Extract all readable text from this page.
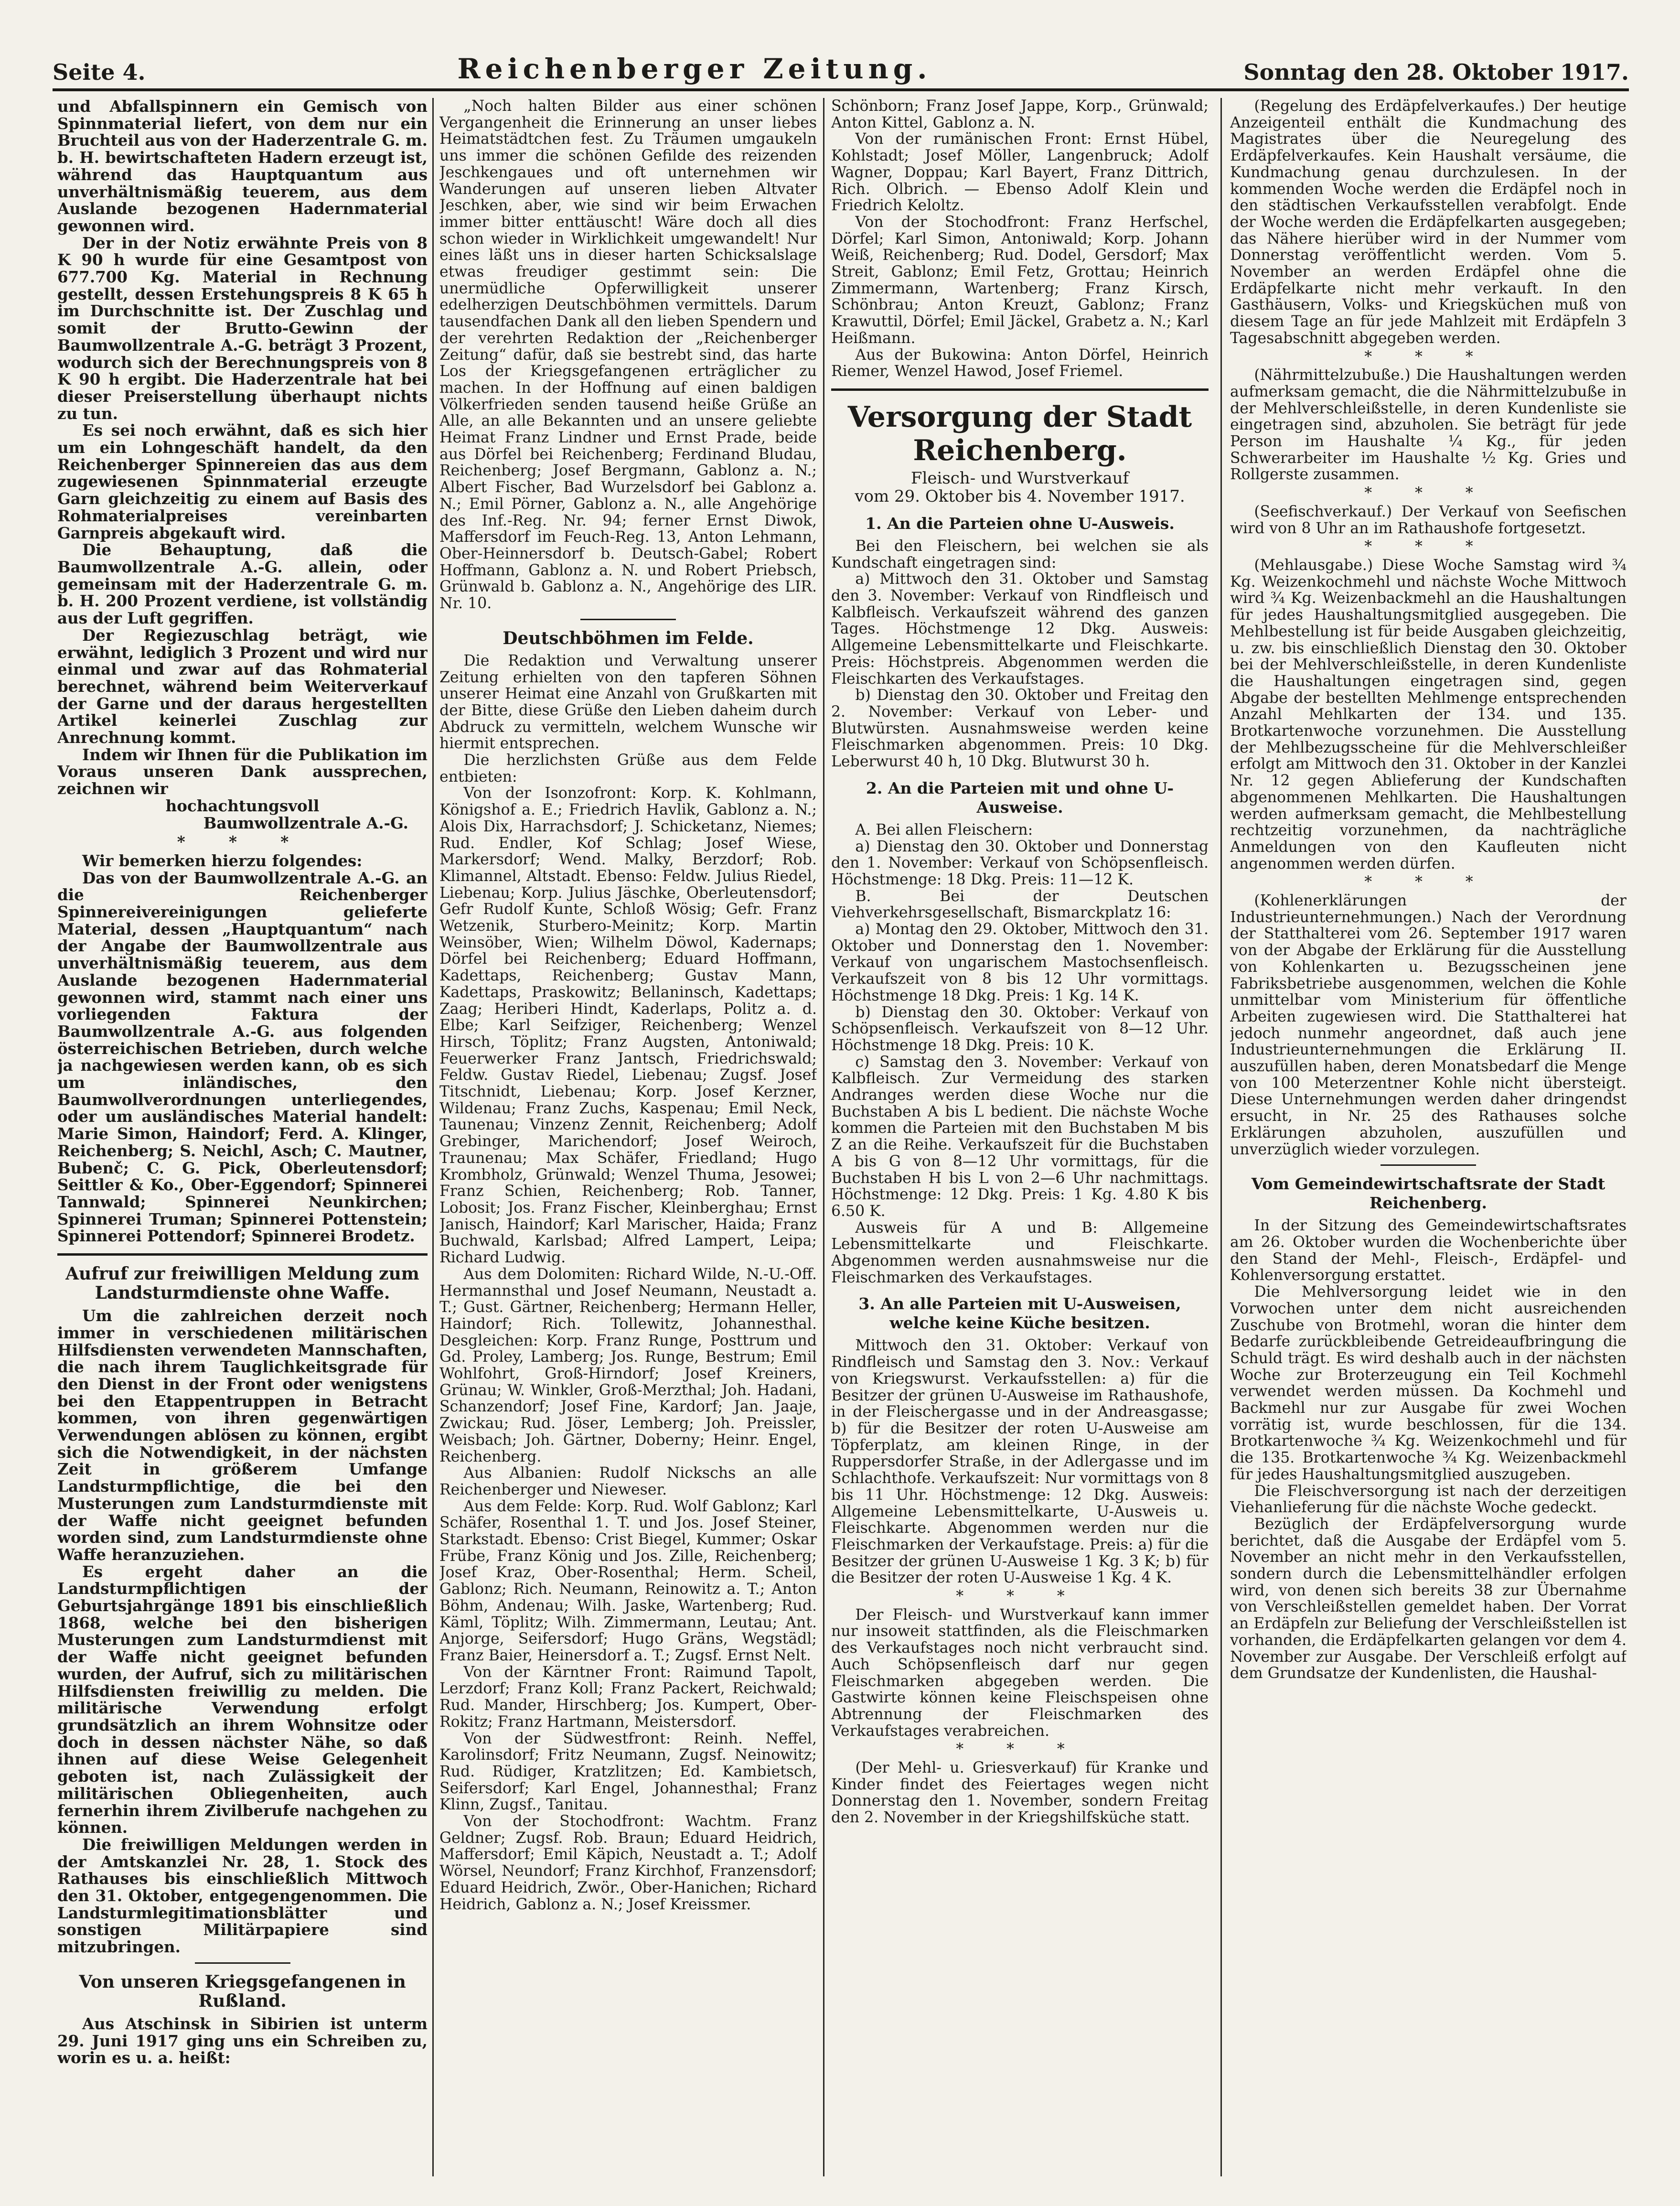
Seite 4.	Reichenberger Zeitung.	Sonntag den 28. Oktober 1917.

und Abfallspinnern ein Gemisch von Spinnmaterial liefert, von dem nur ein Bruchteil aus von der Haderzentrale G. m. b. H. bewirtschafteten Hadern erzeugt ist, während das Hauptquantum aus unverhältnismäßig teuerem, aus dem Auslande bezogenen Hadernmaterial gewonnen wird.

Der in der Notiz erwähnte Preis von 8 K 90 h wurde für eine Gesamtpost von 677.700 Kg. Material in Rechnung gestellt, dessen Erstehungspreis 8 K 65 h im Durchschnitte ist. Der Zuschlag und somit der Brutto-Gewinn der Baumwollzentrale A.-G. beträgt 3 Prozent, wodurch sich der Berechnungspreis von 8 K 90 h ergibt. Die Haderzentrale hat bei dieser Preiserstellung überhaupt nichts zu tun.

Es sei noch erwähnt, daß es sich hier um ein Lohngeschäft handelt, da den Reichenberger Spinnereien das aus dem zugewiesenen Spinnmaterial erzeugte Garn gleichzeitig zu einem auf Basis des Rohmaterialpreises vereinbarten Garnpreis abgekauft wird.

Die Behauptung, daß die Baumwollzentrale A.-G. allein, oder gemeinsam mit der Haderzentrale G. m. b. H. 200 Prozent verdiene, ist vollständig aus der Luft gegriffen.

Der Regiezuschlag beträgt, wie erwähnt, lediglich 3 Prozent und wird nur einmal und zwar auf das Rohmaterial berechnet, während beim Weiterverkauf der Garne und der daraus hergestellten Artikel keinerlei Zuschlag zur Anrechnung kommt.

Indem wir Ihnen für die Publikation im Voraus unseren Dank aussprechen, zeichnen wir

hochachtungsvoll

Baumwollzentrale A.-G.

* * *

Wir bemerken hierzu folgendes:

Das von der Baumwollzentrale A.-G. an die Reichenberger Spinnereivereinigungen gelieferte Material, dessen „Hauptquantum“ nach der Angabe der Baumwollzentrale aus unverhältnismäßig teuerem, aus dem Auslande bezogenen Hadernmaterial gewonnen wird, stammt nach einer uns vorliegenden Faktura der Baumwollzentrale A.-G. aus folgenden österreichischen Betrieben, durch welche ja nachgewiesen werden kann, ob es sich um inländisches, den Baumwollverordnungen unterliegendes, oder um ausländisches Material handelt: Marie Simon, Haindorf; Ferd. A. Klinger, Reichenberg; S. Neichl, Asch; C. Mautner, Bubenč; C. G. Pick, Oberleutensdorf; Seittler & Ko., Ober-Eggendorf; Spinnerei Tannwald; Spinnerei Neunkirchen; Spinnerei Truman; Spinnerei Pottenstein; Spinnerei Pottendorf; Spinnerei Brodetz.

Aufruf zur freiwilligen Meldung zum Landsturmdienste ohne Waffe.

Um die zahlreichen derzeit noch immer in verschiedenen militärischen Hilfsdiensten verwendeten Mannschaften, die nach ihrem Tauglichkeitsgrade für den Dienst in der Front oder wenigstens bei den Etappentruppen in Betracht kommen, von ihren gegenwärtigen Verwendungen ablösen zu können, ergibt sich die Notwendigkeit, in der nächsten Zeit in größerem Umfange Landsturmpflichtige, die bei den Musterungen zum Landsturmdienste mit der Waffe nicht geeignet befunden worden sind, zum Landsturmdienste ohne Waffe heranzuziehen.

Es ergeht daher an die Landsturmpflichtigen der Geburtsjahrgänge 1891 bis einschließlich 1868, welche bei den bisherigen Musterungen zum Landsturmdienst mit der Waffe nicht geeignet befunden wurden, der Aufruf, sich zu militärischen Hilfsdiensten freiwillig zu melden. Die militärische Verwendung erfolgt grundsätzlich an ihrem Wohnsitze oder doch in dessen nächster Nähe, so daß ihnen auf diese Weise Gelegenheit geboten ist, nach Zulässigkeit der militärischen Obliegenheiten, auch fernerhin ihrem Zivilberufe nachgehen zu können.

Die freiwilligen Meldungen werden in der Amtskanzlei Nr. 28, 1. Stock des Rathauses bis einschließlich Mittwoch den 31. Oktober, entgegengenommen. Die Landsturmlegitimationsblätter und sonstigen Militärpapiere sind mitzubringen.

Von unseren Kriegsgefangenen in Rußland.

Aus Atschinsk in Sibirien ist unterm 29. Juni 1917 ging uns ein Schreiben zu, worin es u. a. heißt:

„Noch halten Bilder aus einer schönen Vergangenheit die Erinnerung an unser liebes Heimatstädtchen fest. Zu Träumen umgaukeln uns immer die schönen Gefilde des reizenden Jeschkengaues und oft unternehmen wir Wanderungen auf unseren lieben Altvater Jeschken, aber, wie sind wir beim Erwachen immer bitter enttäuscht! Wäre doch all dies schon wieder in Wirklichkeit umgewandelt! Nur eines läßt uns in dieser harten Schicksalslage etwas freudiger gestimmt sein: Die unermüdliche Opferwilligkeit unserer edelherzigen Deutschböhmen vermittels. Darum tausendfachen Dank all den lieben Spendern und der verehrten Redaktion der „Reichenberger Zeitung“ dafür, daß sie bestrebt sind, das harte Los der Kriegsgefangenen erträglicher zu machen. In der Hoffnung auf einen baldigen Völkerfrieden senden tausend heiße Grüße an Alle, an alle Bekannten und an unsere geliebte Heimat Franz Lindner und Ernst Prade, beide aus Dörfel bei Reichenberg; Ferdinand Bludau, Reichenberg; Josef Bergmann, Gablonz a. N.; Albert Fischer, Bad Wurzelsdorf bei Gablonz a. N.; Emil Pörner, Gablonz a. N., alle Angehörige des Inf.-Reg. Nr. 94; ferner Ernst Diwok, Maffersdorf im Feuch-Reg. 13, Anton Lehmann, Ober-Heinnersdorf b. Deutsch-Gabel; Robert Hoffmann, Gablonz a. N. und Robert Priebsch, Grünwald b. Gablonz a. N., Angehörige des LIR. Nr. 10.

Deutschböhmen im Felde.

Die Redaktion und Verwaltung unserer Zeitung erhielten von den tapferen Söhnen unserer Heimat eine Anzahl von Grußkarten mit der Bitte, diese Grüße den Lieben daheim durch Abdruck zu vermitteln, welchem Wunsche wir hiermit entsprechen.

Die herzlichsten Grüße aus dem Felde entbieten:

Von der Isonzofront: Korp. K. Kohlmann, Königshof a. E.; Friedrich Havlik, Gablonz a. N.; Alois Dix, Harrachsdorf; J. Schicketanz, Niemes; Rud. Endler, Kof Schlag; Josef Wiese, Markersdorf; Wend. Malky, Berzdorf; Rob. Klimannel, Altstadt. Ebenso: Feldw. Julius Riedel, Liebenau; Korp. Julius Jäschke, Oberleutensdorf; Gefr Rudolf Kunte, Schloß Wösig; Gefr. Franz Wetzenik, Sturbero-Meinitz; Korp. Martin Weinsöber, Wien; Wilhelm Döwol, Kadernaps; Dörfel bei Reichenberg; Eduard Hoffmann, Kadettaps, Reichenberg; Gustav Mann, Kadettaps, Praskowitz; Bellaninsch, Kadettaps; Zaag; Heriberi Hindt, Kaderlaps, Politz a. d. Elbe; Karl Seifziger, Reichenberg; Wenzel Hirsch, Töplitz; Franz Augsten, Antoniwald; Feuerwerker Franz Jantsch, Friedrichswald; Feldw. Gustav Riedel, Liebenau; Zugsf. Josef Titschnidt, Liebenau; Korp. Josef Kerzner, Wildenau; Franz Zuchs, Kaspenau; Emil Neck, Taunenau; Vinzenz Zennit, Reichenberg; Adolf Grebinger, Marichendorf; Josef Weiroch, Traunenau; Max Schäfer, Friedland; Hugo Krombholz, Grünwald; Wenzel Thuma, Jesowei; Franz Schien, Reichenberg; Rob. Tanner, Lobosit; Jos. Franz Fischer, Kleinberghau; Ernst Janisch, Haindorf; Karl Marischer, Haida; Franz Buchwald, Karlsbad; Alfred Lampert, Leipa; Richard Ludwig.

Aus dem Dolomiten: Richard Wilde, N.-U.-Off. Hermannsthal und Josef Neumann, Neustadt a. T.; Gust. Gärtner, Reichenberg; Hermann Heller, Haindorf; Rich. Tollewitz, Johannesthal. Desgleichen: Korp. Franz Runge, Posttrum und Gd. Proley, Lamberg; Jos. Runge, Bestrum; Emil Wohlfohrt, Groß-Hirndorf; Josef Kreiners, Grünau; W. Winkler, Groß-Merzthal; Joh. Hadani, Schanzendorf; Josef Fine, Kardorf; Jan. Jaaje, Zwickau; Rud. Jöser, Lemberg; Joh. Preissler, Weisbach; Joh. Gärtner, Doberny; Heinr. Engel, Reichenberg.

Aus Albanien: Rudolf Nickschs an alle Reichenberger und Nieweser.

Aus dem Felde: Korp. Rud. Wolf Gablonz; Karl Schäfer, Rosenthal 1. T. und Jos. Josef Steiner, Starkstadt. Ebenso: Crist Biegel, Kummer; Oskar Frübe, Franz König und Jos. Zille, Reichenberg; Josef Kraz, Ober-Rosenthal; Herm. Scheil, Gablonz; Rich. Neumann, Reinowitz a. T.; Anton Böhm, Andenau; Wilh. Jaske, Wartenberg; Rud. Käml, Töplitz; Wilh. Zimmermann, Leutau; Ant. Anjorge, Seifersdorf; Hugo Gräns, Wegstädl; Franz Baier, Heinersdorf a. T.; Zugsf. Ernst Nelt.

Von der Kärntner Front: Raimund Tapolt, Lerzdorf; Franz Koll; Franz Packert, Reichwald; Rud. Mander, Hirschberg; Jos. Kumpert, Ober-Rokitz; Franz Hartmann, Meistersdorf.

Von der Südwestfront: Reinh. Neffel, Karolinsdorf; Fritz Neumann, Zugsf. Neinowitz; Rud. Rüdiger, Kratzlitzen; Ed. Kambietsch, Seifersdorf; Karl Engel, Johannesthal; Franz Klinn, Zugsf., Tanitau.

Von der Stochodfront: Wachtm. Franz Geldner; Zugsf. Rob. Braun; Eduard Heidrich, Maffersdorf; Emil Käpich, Neustadt a. T.; Adolf Wörsel, Neundorf; Franz Kirchhof, Franzensdorf; Eduard Heidrich, Zwör., Ober-Hanichen; Richard Heidrich, Gablonz a. N.; Josef Kreissmer.

Schönborn; Franz Josef Jappe, Korp., Grünwald; Anton Kittel, Gablonz a. N.

Von der rumänischen Front: Ernst Hübel, Kohlstadt; Josef Möller, Langenbruck; Adolf Wagner, Doppau; Karl Bayert, Franz Dittrich, Rich. Olbrich. — Ebenso Adolf Klein und Friedrich Keloltz.

Von der Stochodfront: Franz Herfschel, Dörfel; Karl Simon, Antoniwald; Korp. Johann Weiß, Reichenberg; Rud. Dodel, Gersdorf; Max Streit, Gablonz; Emil Fetz, Grottau; Heinrich Zimmermann, Wartenberg; Franz Kirsch, Schönbrau; Anton Kreuzt, Gablonz; Franz Krawuttil, Dörfel; Emil Jäckel, Grabetz a. N.; Karl Heißmann.

Aus der Bukowina: Anton Dörfel, Heinrich Riemer, Wenzel Hawod, Josef Friemel.

Versorgung der Stadt Reichenberg.

Fleisch- und Wurstverkauf

vom 29. Oktober bis 4. November 1917.

1. An die Parteien ohne U-Ausweis.

Bei den Fleischern, bei welchen sie als Kundschaft eingetragen sind:

a) Mittwoch den 31. Oktober und Samstag den 3. November: Verkauf von Rindfleisch und Kalbfleisch. Verkaufszeit während des ganzen Tages. Höchstmenge 12 Dkg. Ausweis: Allgemeine Lebensmittelkarte und Fleischkarte. Preis: Höchstpreis. Abgenommen werden die Fleischkarten des Verkaufstages.

b) Dienstag den 30. Oktober und Freitag den 2. November: Verkauf von Leber- und Blutwürsten. Ausnahmsweise werden keine Fleischmarken abgenommen. Preis: 10 Dkg. Leberwurst 40 h, 10 Dkg. Blutwurst 30 h.

2. An die Parteien mit und ohne U-Ausweise.

A. Bei allen Fleischern:

a) Dienstag den 30. Oktober und Donnerstag den 1. November: Verkauf von Schöpsenfleisch. Höchstmenge: 18 Dkg. Preis: 11—12 K.

B. Bei der Deutschen Viehverkehrsgesellschaft, Bismarckplatz 16:

a) Montag den 29. Oktober, Mittwoch den 31. Oktober und Donnerstag den 1. November: Verkauf von ungarischem Mastochsenfleisch. Verkaufszeit von 8 bis 12 Uhr vormittags. Höchstmenge 18 Dkg. Preis: 1 Kg. 14 K.

b) Dienstag den 30. Oktober: Verkauf von Schöpsenfleisch. Verkaufszeit von 8—12 Uhr. Höchstmenge 18 Dkg. Preis: 10 K.

c) Samstag den 3. November: Verkauf von Kalbfleisch. Zur Vermeidung des starken Andranges werden diese Woche nur die Buchstaben A bis L bedient. Die nächste Woche kommen die Parteien mit den Buchstaben M bis Z an die Reihe. Verkaufszeit für die Buchstaben A bis G von 8—12 Uhr vormittags, für die Buchstaben H bis L von 2—6 Uhr nachmittags. Höchstmenge: 12 Dkg. Preis: 1 Kg. 4.80 K bis 6.50 K.

Ausweis für A und B: Allgemeine Lebensmittelkarte und Fleischkarte. Abgenommen werden ausnahmsweise nur die Fleischmarken des Verkaufstages.

3. An alle Parteien mit U-Ausweisen, welche keine Küche besitzen.

Mittwoch den 31. Oktober: Verkauf von Rindfleisch und Samstag den 3. Nov.: Verkauf von Kriegswurst. Verkaufsstellen: a) für die Besitzer der grünen U-Ausweise im Rathaushofe, in der Fleischergasse und in der Andreasgasse; b) für die Besitzer der roten U-Ausweise am Töpferplatz, am kleinen Ringe, in der Ruppersdorfer Straße, in der Adlergasse und im Schlachthofe. Verkaufszeit: Nur vormittags von 8 bis 11 Uhr. Höchstmenge: 12 Dkg. Ausweis: Allgemeine Lebensmittelkarte, U-Ausweis u. Fleischkarte. Abgenommen werden nur die Fleischmarken der Verkaufstage. Preis: a) für die Besitzer der grünen U-Ausweise 1 Kg. 3 K; b) für die Besitzer der roten U-Ausweise 1 Kg. 4 K.

* * *

Der Fleisch- und Wurstverkauf kann immer nur insoweit stattfinden, als die Fleischmarken des Verkaufstages noch nicht verbraucht sind. Auch Schöpsenfleisch darf nur gegen Fleischmarken abgegeben werden. Die Gastwirte können keine Fleischspeisen ohne Abtrennung der Fleischmarken des Verkaufstages verabreichen.

* * *

(Der Mehl- u. Griesverkauf) für Kranke und Kinder findet des Feiertages wegen nicht Donnerstag den 1. November, sondern Freitag den 2. November in der Kriegshilfsküche statt.

(Regelung des Erdäpfelverkaufes.) Der heutige Anzeigenteil enthält die Kundmachung des Magistrates über die Neuregelung des Erdäpfelverkaufes. Kein Haushalt versäume, die Kundmachung genau durchzulesen. In der kommenden Woche werden die Erdäpfel noch in den städtischen Verkaufsstellen verabfolgt. Ende der Woche werden die Erdäpfelkarten ausgegeben; das Nähere hierüber wird in der Nummer vom Donnerstag veröffentlicht werden. Vom 5. November an werden Erdäpfel ohne die Erdäpfelkarte nicht mehr verkauft. In den Gasthäusern, Volks- und Kriegsküchen muß von diesem Tage an für jede Mahlzeit mit Erdäpfeln 3 Tagesabschnitt abgegeben werden.

* * *

(Nährmittelzubuße.) Die Haushaltungen werden aufmerksam gemacht, die die Nährmittelzubuße in der Mehlverschleißstelle, in deren Kundenliste sie eingetragen sind, abzuholen. Sie beträgt für jede Person im Haushalte ¼ Kg., für jeden Schwerarbeiter im Haushalte ½ Kg. Gries und Rollgerste zusammen.

* * *

(Seefischverkauf.) Der Verkauf von Seefischen wird von 8 Uhr an im Rathaushofe fortgesetzt.

* * *

(Mehlausgabe.) Diese Woche Samstag wird ¾ Kg. Weizenkochmehl und nächste Woche Mittwoch wird ¾ Kg. Weizenbackmehl an die Haushaltungen für jedes Haushaltungsmitglied ausgegeben. Die Mehlbestellung ist für beide Ausgaben gleichzeitig, u. zw. bis einschließlich Dienstag den 30. Oktober bei der Mehlverschleißstelle, in deren Kundenliste die Haushaltungen eingetragen sind, gegen Abgabe der bestellten Mehlmenge entsprechenden Anzahl Mehlkarten der 134. und 135. Brotkartenwoche vorzunehmen. Die Ausstellung der Mehlbezugsscheine für die Mehlverschleißer erfolgt am Mittwoch den 31. Oktober in der Kanzlei Nr. 12 gegen Ablieferung der Kundschaften abgenommenen Mehlkarten. Die Haushaltungen werden aufmerksam gemacht, die Mehlbestellung rechtzeitig vorzunehmen, da nachträgliche Anmeldungen von den Kaufleuten nicht angenommen werden dürfen.

* * *

(Kohlenerklärungen der Industrieunternehmungen.) Nach der Verordnung der Statthalterei vom 26. September 1917 waren von der Abgabe der Erklärung für die Ausstellung von Kohlenkarten u. Bezugsscheinen jene Fabriksbetriebe ausgenommen, welchen die Kohle unmittelbar vom Ministerium für öffentliche Arbeiten zugewiesen wird. Die Statthalterei hat jedoch nunmehr angeordnet, daß auch jene Industrieunternehmungen die Erklärung II. auszufüllen haben, deren Monatsbedarf die Menge von 100 Meterzentner Kohle nicht übersteigt. Diese Unternehmungen werden daher dringendst ersucht, in Nr. 25 des Rathauses solche Erklärungen abzuholen, auszufüllen und unverzüglich wieder vorzulegen.

Vom Gemeindewirtschaftsrate der Stadt Reichenberg.

In der Sitzung des Gemeindewirtschaftsrates am 26. Oktober wurden die Wochenberichte über den Stand der Mehl-, Fleisch-, Erdäpfel- und Kohlenversorgung erstattet.

Die Mehlversorgung leidet wie in den Vorwochen unter dem nicht ausreichenden Zuschube von Brotmehl, woran die hinter dem Bedarfe zurückbleibende Getreideaufbringung die Schuld trägt. Es wird deshalb auch in der nächsten Woche zur Broterzeugung ein Teil Kochmehl verwendet werden müssen. Da Kochmehl und Backmehl nur zur Ausgabe für zwei Wochen vorrätig ist, wurde beschlossen, für die 134. Brotkartenwoche ¾ Kg. Weizenkochmehl und für die 135. Brotkartenwoche ¾ Kg. Weizenbackmehl für jedes Haushaltungsmitglied auszugeben.

Die Fleischversorgung ist nach der derzeitigen Viehanlieferung für die nächste Woche gedeckt.

Bezüglich der Erdäpfelversorgung wurde berichtet, daß die Ausgabe der Erdäpfel vom 5. November an nicht mehr in den Verkaufsstellen, sondern durch die Lebensmittelhändler erfolgen wird, von denen sich bereits 38 zur Übernahme von Verschleißstellen gemeldet haben. Der Vorrat an Erdäpfeln zur Beliefung der Verschleißstellen ist vorhanden, die Erdäpfelkarten gelangen vor dem 4. November zur Ausgabe. Der Verschleiß erfolgt auf dem Grundsatze der Kundenlisten, die Haushal-
